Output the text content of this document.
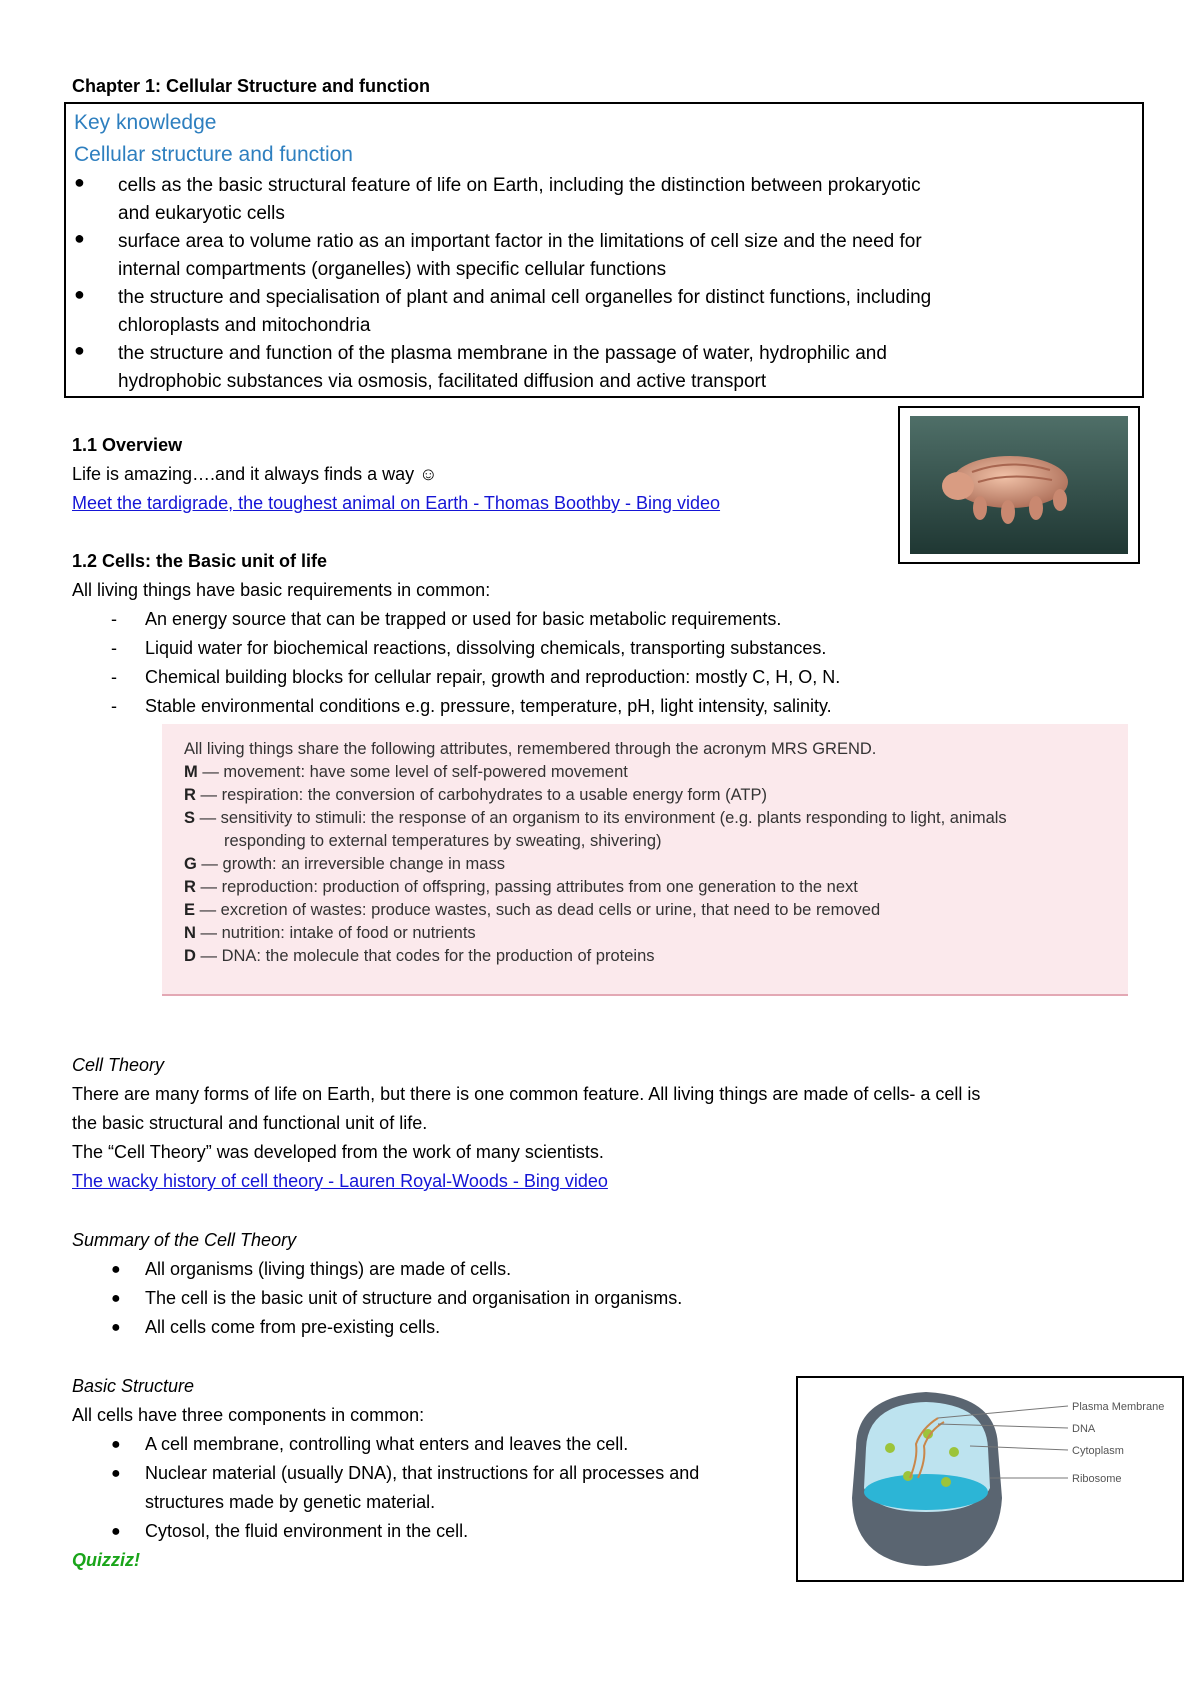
Chapter 1: Cellular Structure and function
Key knowledge
Cellular structure and function
● cells as the basic structural feature of life on Earth, including the distinction between prokaryotic
and eukaryotic cells
● surface area to volume ratio as an important factor in the limitations of cell size and the need for
internal compartments (organelles) with specific cellular functions
● the structure and specialisation of plant and animal cell organelles for distinct functions, including
chloroplasts and mitochondria
● the structure and function of the plasma membrane in the passage of water, hydrophilic and
hydrophobic substances via osmosis, facilitated diffusion and active transport
1.1 Overview
Life is amazing….and it always finds a way ☺
Meet the tardigrade, the toughest animal on Earth - Thomas Boothby - Bing video
1.2 Cells: the Basic unit of life
All living things have basic requirements in common:
- An energy source that can be trapped or used for basic metabolic requirements.
- Liquid water for biochemical reactions, dissolving chemicals, transporting substances.
- Chemical building blocks for cellular repair, growth and reproduction: mostly C, H, O, N.
- Stable environmental conditions e.g. pressure, temperature, pH, light intensity, salinity.
All living things share the following attributes, remembered through the acronym MRS GREND.
M — movement: have some level of self-powered movement
R — respiration: the conversion of carbohydrates to a usable energy form (ATP)
S — sensitivity to stimuli: the response of an organism to its environment (e.g. plants responding to light, animals
responding to external temperatures by sweating, shivering)
G — growth: an irreversible change in mass
R — reproduction: production of offspring, passing attributes from one generation to the next
E — excretion of wastes: produce wastes, such as dead cells or urine, that need to be removed
N — nutrition: intake of food or nutrients
D — DNA: the molecule that codes for the production of proteins
Cell Theory
There are many forms of life on Earth, but there is one common feature. All living things are made of cells- a cell is
the basic structural and functional unit of life.
The “Cell Theory” was developed from the work of many scientists.
The wacky history of cell theory - Lauren Royal-Woods - Bing video
Summary of the Cell Theory
● All organisms (living things) are made of cells.
● The cell is the basic unit of structure and organisation in organisms.
● All cells come from pre-existing cells.
Basic Structure
All cells have three components in common:
● A cell membrane, controlling what enters and leaves the cell.
● Nuclear material (usually DNA), that instructions for all processes and
structures made by genetic material.
● Cytosol, the fluid environment in the cell.
Quizziz!
Plasma Membrane
DNA
Cytoplasm
Ribosome
